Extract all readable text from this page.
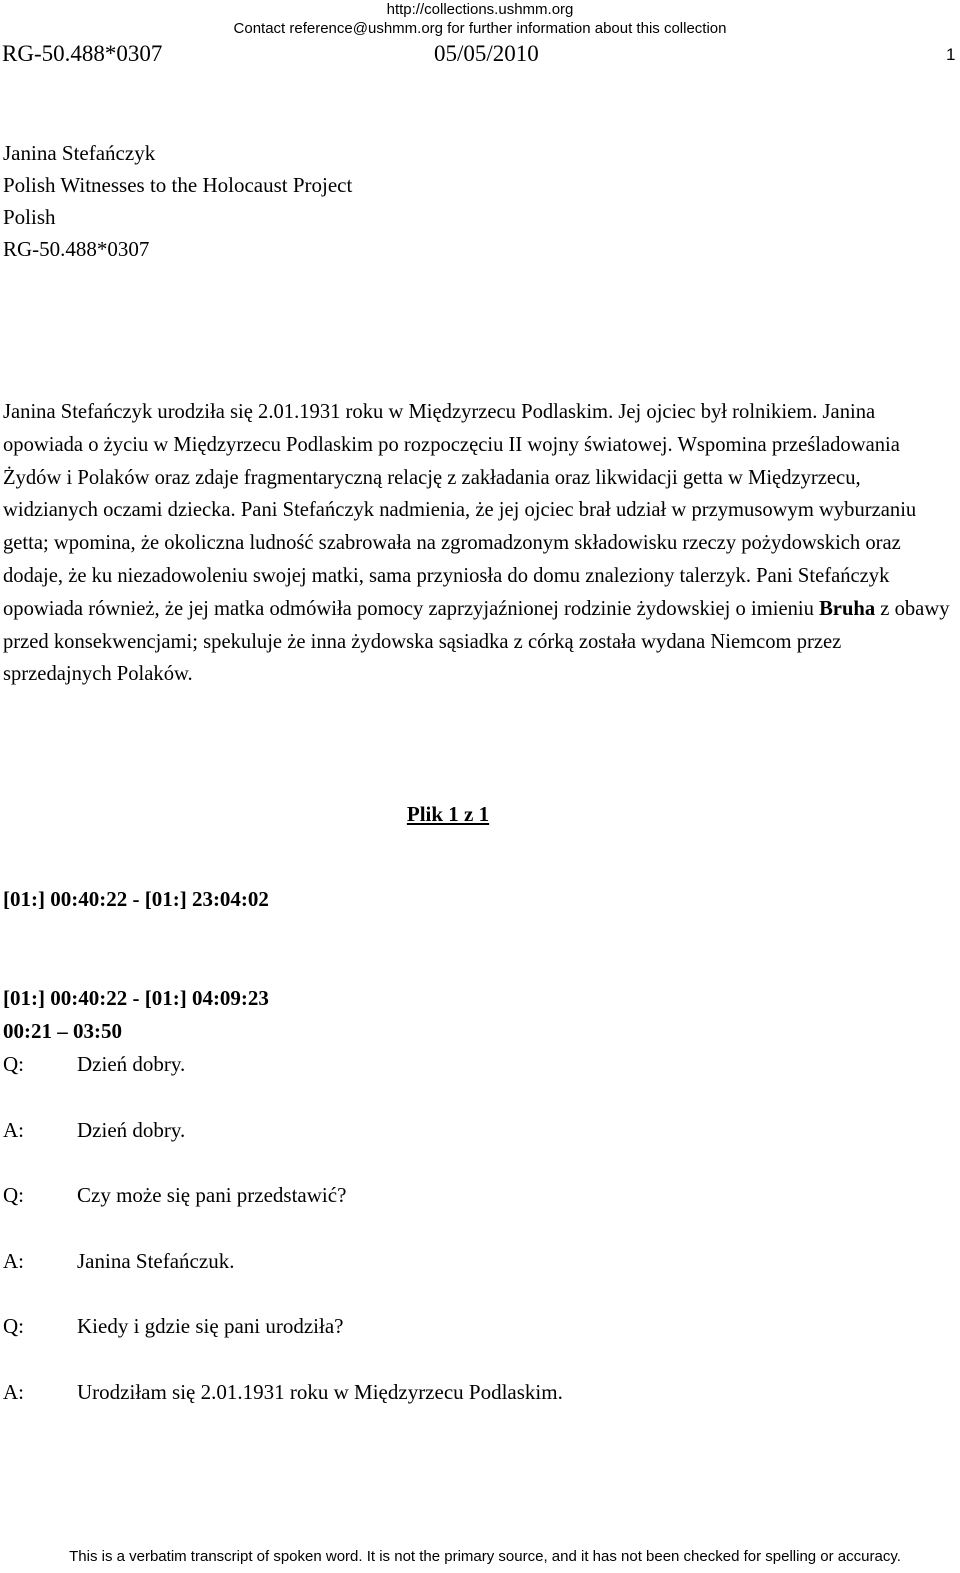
http://collections.ushmm.org
Contact reference@ushmm.org for further information about this collection
RG-50.488*0307	05/05/2010	1
Janina Stefańczyk
Polish Witnesses to the Holocaust Project
Polish
RG-50.488*0307

Janina Stefańczyk urodziła się 2.01.1931 roku w Międzyrzecu Podlaskim. Jej ojciec był rolnikiem. Janina opowiada o życiu w Międzyrzecu Podlaskim po rozpoczęciu II wojny światowej. Wspomina prześladowania Żydów i Polaków oraz zdaje fragmentaryczną relację z zakładania oraz likwidacji getta w Międzyrzecu, widzianych oczami dziecka. Pani Stefańczyk nadmienia, że jej ojciec brał udział w przymusowym wyburzaniu getta; wpomina, że okoliczna ludność szabrowała na zgromadzonym składowisku rzeczy pożydowskich oraz dodaje, że ku niezadowoleniu swojej matki, sama przyniosła do domu znaleziony talerzyk. Pani Stefańczyk opowiada również, że jej matka odmówiła pomocy zaprzyjaźnionej rodzinie żydowskiej o imieniu Bruha z obawy przed konsekwencjami; spekuluje że inna żydowska sąsiadka z córką została wydana Niemcom przez sprzedajnych Polaków.

Plik 1 z 1
[01:] 00:40:22 - [01:] 23:04:02
[01:] 00:40:22 - [01:] 04:09:23
00:21 – 03:50
Q:	Dzień dobry.
A:	Dzień dobry.
Q:	Czy może się pani przedstawić?
A:	Janina Stefańczuk.
Q:	Kiedy i gdzie się pani urodziła?
A:	Urodziłam się 2.01.1931 roku w Międzyrzecu Podlaskim.
This is a verbatim transcript of spoken word. It is not the primary source, and it has not been checked for spelling or accuracy.
